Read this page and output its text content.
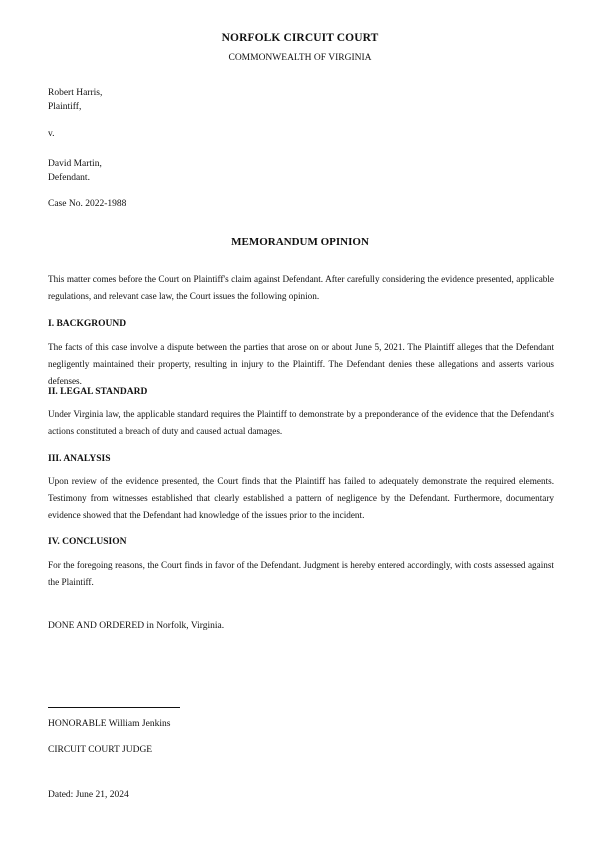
NORFOLK CIRCUIT COURT
COMMONWEALTH OF VIRGINIA
Robert Harris,
Plaintiff,
v.
David Martin,
Defendant.
Case No. 2022-1988
MEMORANDUM OPINION

This matter comes before the Court on Plaintiff's claim against Defendant. After carefully considering the evidence presented, applicable regulations, and relevant case law, the Court issues the following opinion.

I. BACKGROUND

The facts of this case involve a dispute between the parties that arose on or about June 5, 2021. The Plaintiff alleges that the Defendant negligently maintained their property, resulting in injury to the Plaintiff. The Defendant denies these allegations and asserts various defenses.

II. LEGAL STANDARD

Under Virginia law, the applicable standard requires the Plaintiff to demonstrate by a preponderance of the evidence that the Defendant's actions constituted a breach of duty and caused actual damages.

III. ANALYSIS

Upon review of the evidence presented, the Court finds that the Plaintiff has failed to adequately demonstrate the required elements. Testimony from witnesses established that clearly established a pattern of negligence by the Defendant. Furthermore, documentary evidence showed that the Defendant had knowledge of the issues prior to the incident.

IV. CONCLUSION

For the foregoing reasons, the Court finds in favor of the Defendant. Judgment is hereby entered accordingly, with costs assessed against the Plaintiff.

DONE AND ORDERED in Norfolk, Virginia.
HONORABLE William Jenkins
CIRCUIT COURT JUDGE
Dated: June 21, 2024
